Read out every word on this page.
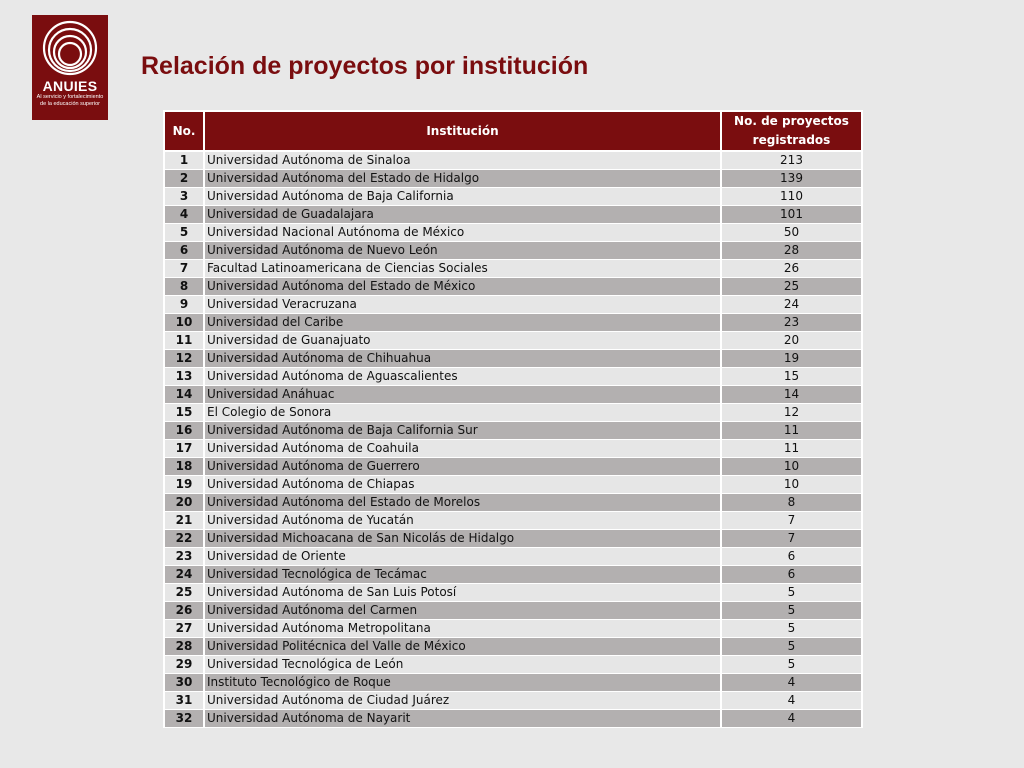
ANUIES
Al servicio y fortalecimiento
de la educación superior
Relación de proyectos por institución
No.	Institución	No. de proyectos registrados
1	Universidad Autónoma de Sinaloa	213
2	Universidad Autónoma del Estado de Hidalgo	139
3	Universidad Autónoma de Baja California	110
4	Universidad de Guadalajara	101
5	Universidad Nacional Autónoma de México	50
6	Universidad Autónoma de Nuevo León	28
7	Facultad Latinoamericana de Ciencias Sociales	26
8	Universidad Autónoma del Estado de México	25
9	Universidad Veracruzana	24
10	Universidad del Caribe	23
11	Universidad de Guanajuato	20
12	Universidad Autónoma de Chihuahua	19
13	Universidad Autónoma de Aguascalientes	15
14	Universidad Anáhuac	14
15	El Colegio de Sonora	12
16	Universidad Autónoma de Baja California Sur	11
17	Universidad Autónoma de Coahuila	11
18	Universidad Autónoma de Guerrero	10
19	Universidad Autónoma de Chiapas	10
20	Universidad Autónoma del Estado de Morelos	8
21	Universidad Autónoma de Yucatán	7
22	Universidad Michoacana de San Nicolás de Hidalgo	7
23	Universidad de Oriente	6
24	Universidad Tecnológica de Tecámac	6
25	Universidad Autónoma de San Luis Potosí	5
26	Universidad Autónoma del Carmen	5
27	Universidad Autónoma Metropolitana	5
28	Universidad Politécnica del Valle de México	5
29	Universidad Tecnológica de León	5
30	Instituto Tecnológico de Roque	4
31	Universidad Autónoma de Ciudad Juárez	4
32	Universidad Autónoma de Nayarit	4
